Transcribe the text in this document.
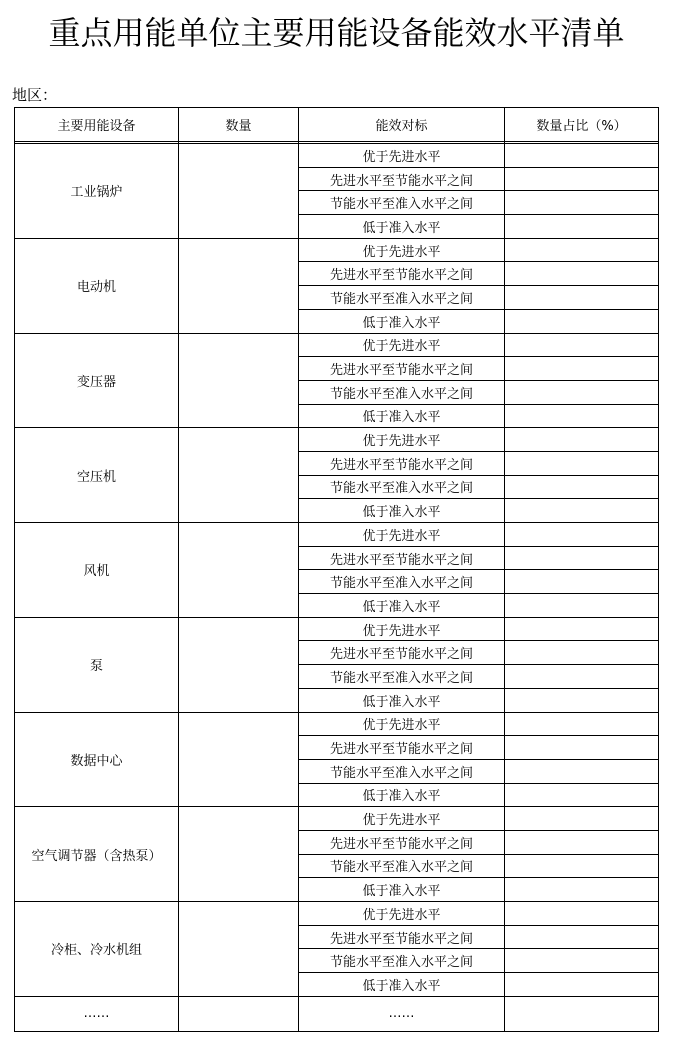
重点用能单位主要用能设备能效水平清单
地区：
主要用能设备	数量	能效对标	数量占比（%）

工业锅炉		优于先进水平	
		先进水平至节能水平之间	
		节能水平至准入水平之间	
		低于准入水平	
电动机		优于先进水平	
		先进水平至节能水平之间	
		节能水平至准入水平之间	
		低于准入水平	
变压器		优于先进水平	
		先进水平至节能水平之间	
		节能水平至准入水平之间	
		低于准入水平	
空压机		优于先进水平	
		先进水平至节能水平之间	
		节能水平至准入水平之间	
		低于准入水平	
风机		优于先进水平	
		先进水平至节能水平之间	
		节能水平至准入水平之间	
		低于准入水平	
泵		优于先进水平	
		先进水平至节能水平之间	
		节能水平至准入水平之间	
		低于准入水平	
数据中心		优于先进水平	
		先进水平至节能水平之间	
		节能水平至准入水平之间	
		低于准入水平	
空气调节器（含热泵）		优于先进水平	
		先进水平至节能水平之间	
		节能水平至准入水平之间	
		低于准入水平	
冷柜、冷水机组		优于先进水平	
		先进水平至节能水平之间	
		节能水平至准入水平之间	
		低于准入水平	
……		……	
